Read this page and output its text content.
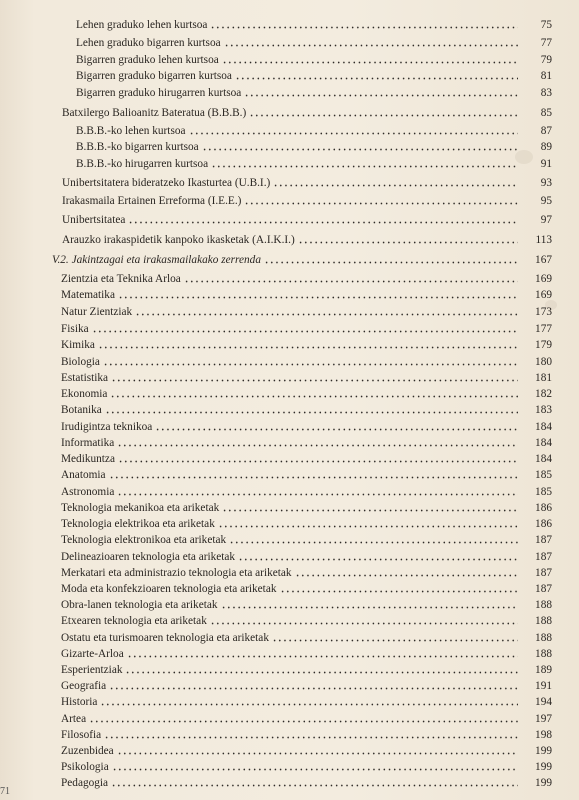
Lehen graduko lehen kurtsoa	75
Lehen graduko bigarren kurtsoa	77
Bigarren graduko lehen kurtsoa	79
Bigarren graduko bigarren kurtsoa	81
Bigarren graduko hirugarren kurtsoa	83
Batxilergo Balioanitz Bateratua (B.B.B.)	85
B.B.B.-ko lehen kurtsoa	87
B.B.B.-ko bigarren kurtsoa	89
B.B.B.-ko hirugarren kurtsoa	91
Unibertsitatera bideratzeko Ikasturtea (U.B.I.)	93
Irakasmaila Ertainen Erreforma (I.E.E.)	95
Unibertsitatea	97
Arauzko irakaspidetik kanpoko ikasketak (A.I.K.I.)	113
V.2. Jakintzagai eta irakasmailakako zerrenda	167
Zientzia eta Teknika Arloa	169
Matematika	169
Natur Zientziak	173
Fisika	177
Kimika	179
Biologia	180
Estatistika	181
Ekonomia	182
Botanika	183
Irudigintza teknikoa	184
Informatika	184
Medikuntza	184
Anatomia	185
Astronomia	185
Teknologia mekanikoa eta ariketak	186
Teknologia elektrikoa eta ariketak	186
Teknologia elektronikoa eta ariketak	187
Delineazioaren teknologia eta ariketak	187
Merkatari eta administrazio teknologia eta ariketak	187
Moda eta konfekzioaren teknologia eta ariketak	187
Obra-lanen teknologia eta ariketak	188
Etxearen teknologia eta ariketak	188
Ostatu eta turismoaren teknologia eta ariketak	188
Gizarte-Arloa	188
Esperientziak	189
Geografia	191
Historia	194
Artea	197
Filosofia	198
Zuzenbidea	199
Psikologia	199
Pedagogia	199
71
